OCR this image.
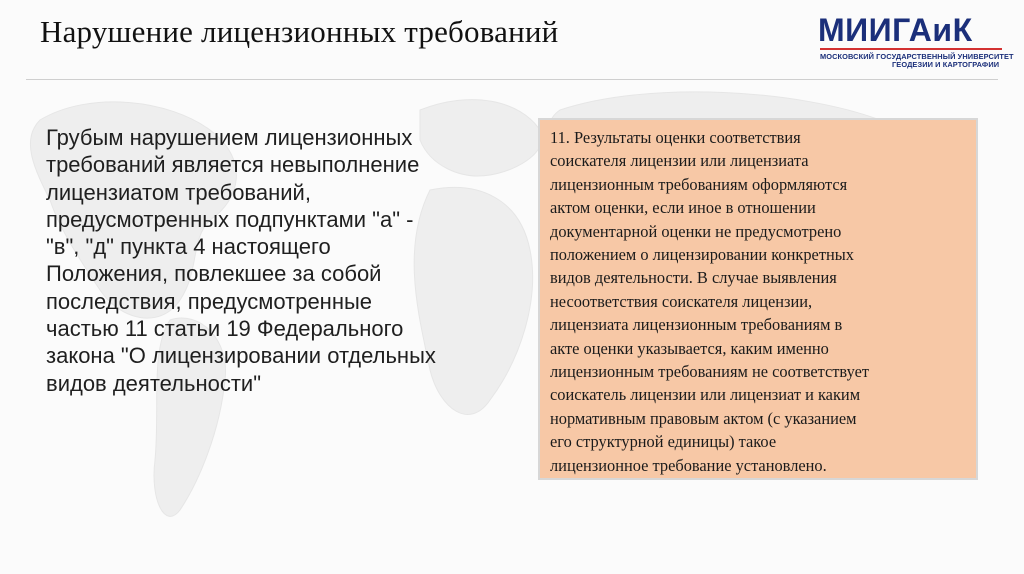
Нарушение лицензионных требований	МИИГАиК
МОСКОВСКИЙ ГОСУДАРСТВЕННЫЙ УНИВЕРСИТЕТ
ГЕОДЕЗИИ И КАРТОГРАФИИ
Грубым нарушением лицензионных
требований является невыполнение
лицензиатом требований,
предусмотренных подпунктами "а" -
"в", "д" пункта 4 настоящего
Положения, повлекшее за собой
последствия, предусмотренные
частью 11 статьи 19 Федерального
закона "О лицензировании отдельных
видов деятельности"
11. Результаты оценки соответствия
соискателя лицензии или лицензиата
лицензионным требованиям оформляются
актом оценки, если иное в отношении
документарной оценки не предусмотрено
положением о лицензировании конкретных
видов деятельности. В случае выявления
несоответствия соискателя лицензии,
лицензиата лицензионным требованиям в
акте оценки указывается, каким именно
лицензионным требованиям не соответствует
соискатель лицензии или лицензиат и каким
нормативным правовым актом (с указанием
его структурной единицы) такое
лицензионное требование установлено.
